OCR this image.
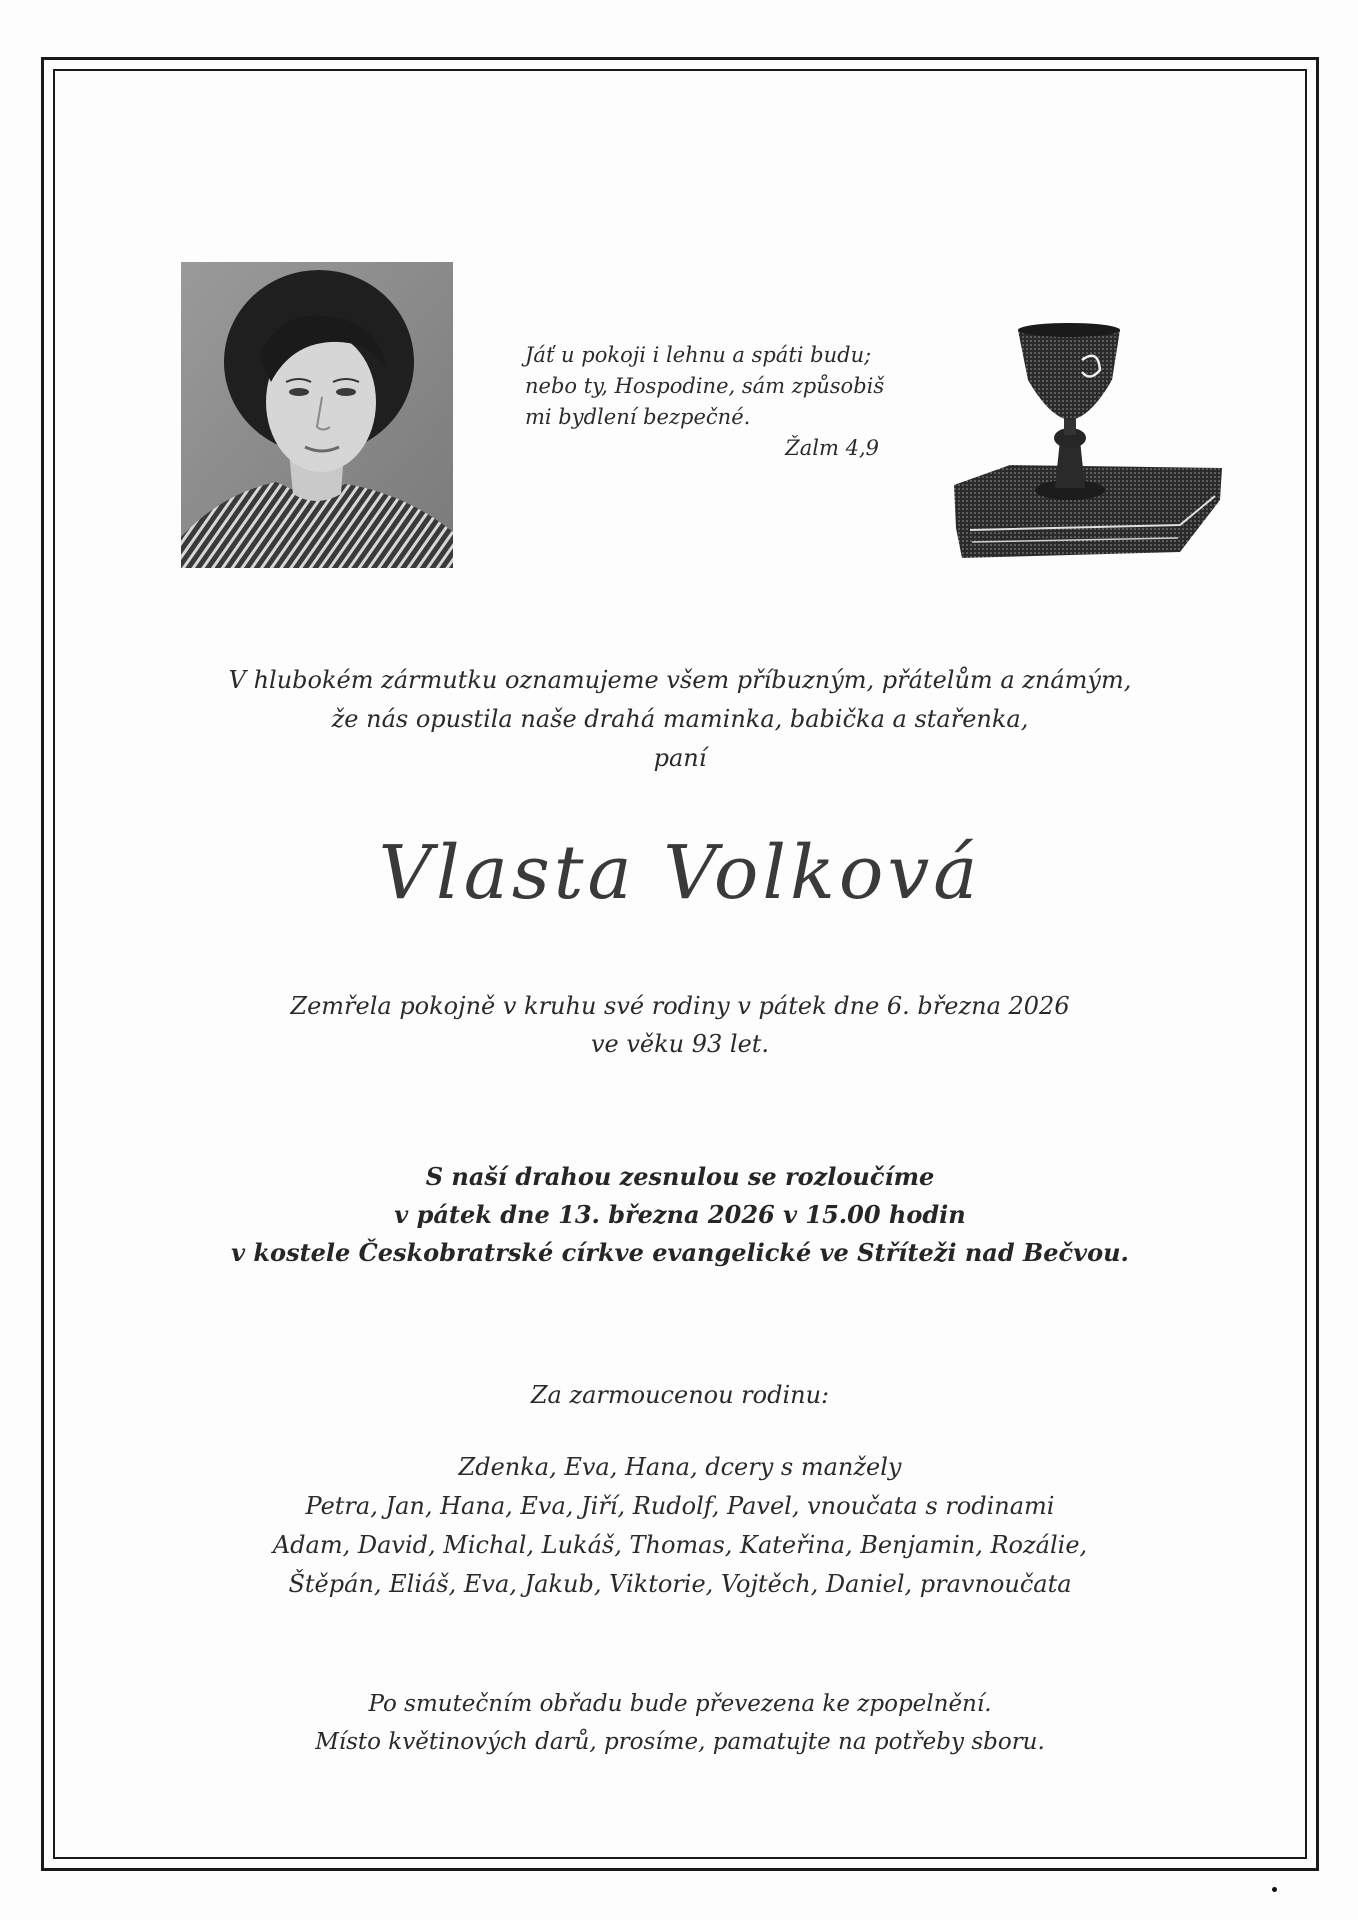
Jáť u pokoji i lehnu a spáti budu;
nebo ty, Hospodine, sám způsobiš
mi bydlení bezpečné.
Žalm 4,9
V hlubokém zármutku oznamujeme všem příbuzným, přátelům a známým,
že nás opustila naše drahá maminka, babička a stařenka,
paní
Vlasta Volková
Zemřela pokojně v kruhu své rodiny v pátek dne 6. března 2026
ve věku 93 let.
S naší drahou zesnulou se rozloučíme
v pátek dne 13. března 2026 v 15.00 hodin
v kostele Českobratrské církve evangelické ve Stříteži nad Bečvou.
Za zarmoucenou rodinu:
Zdenka, Eva, Hana, dcery s manžely
Petra, Jan, Hana, Eva, Jiří, Rudolf, Pavel, vnoučata s rodinami
Adam, David, Michal, Lukáš, Thomas, Kateřina, Benjamin, Rozálie,
Štěpán, Eliáš, Eva, Jakub, Viktorie, Vojtěch, Daniel, pravnoučata
Po smutečním obřadu bude převezena ke zpopelnění.
Místo květinových darů, prosíme, pamatujte na potřeby sboru.
